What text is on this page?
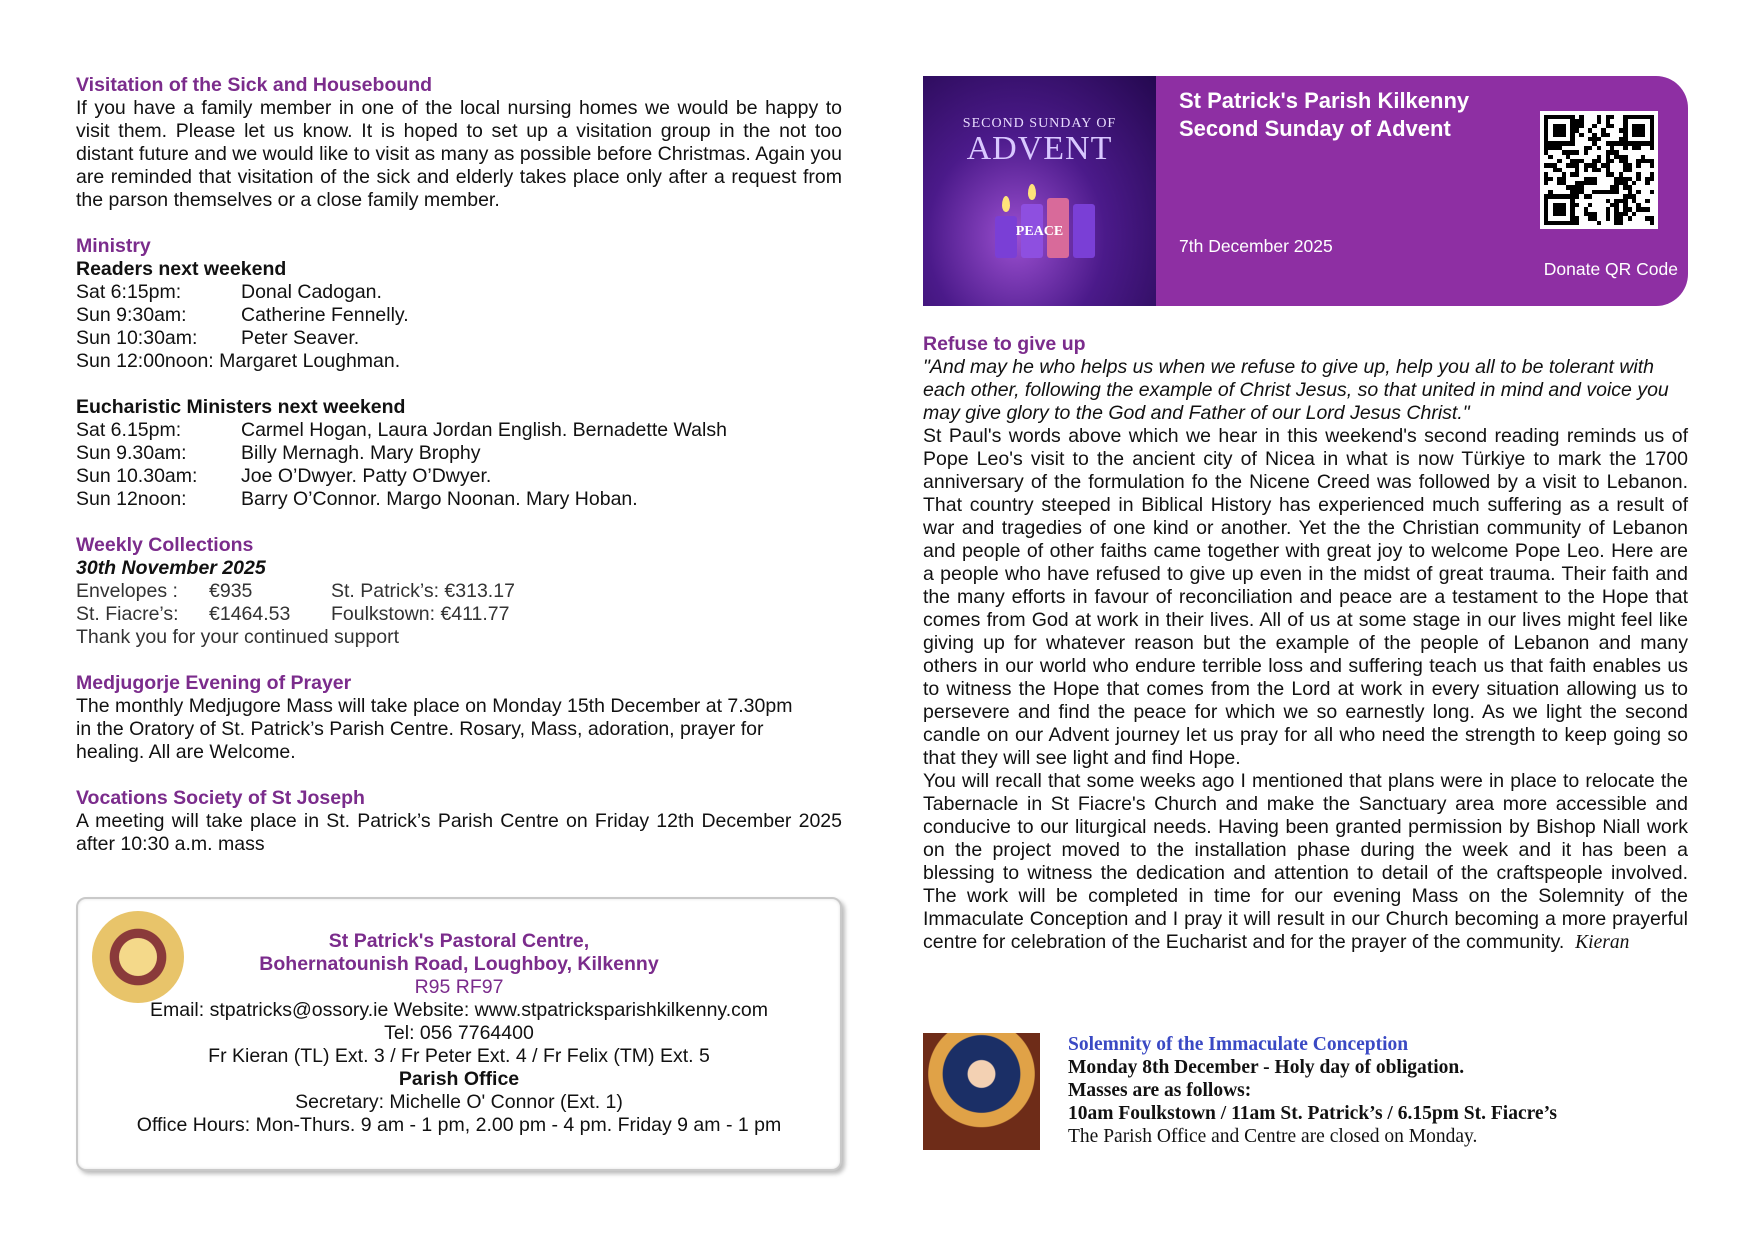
Visitation of the Sick and Housebound

If you have a family member in one of the local nursing homes we would be happy to visit them. Please let us know. It is hoped to set up a visitation group in the not too distant future and we would like to visit as many as possible before Christmas. Again you are reminded that visitation of the sick and elderly takes place only after a request from the parson themselves or a close family member.

Ministry

Readers next weekend

Sat 6:15pm:	Donal Cadogan.
Sun 9:30am:	Catherine Fennelly.
Sun 10:30am:	Peter Seaver.

Sun 12:00noon: Margaret Loughman.

Eucharistic Ministers next weekend

Sat 6.15pm:	Carmel Hogan, Laura Jordan English. Bernadette Walsh
Sun 9.30am:	Billy Mernagh. Mary Brophy
Sun 10.30am:	Joe O’Dwyer. Patty O’Dwyer.
Sun 12noon:	Barry O’Connor. Margo Noonan. Mary Hoban.

Weekly Collections

30th November 2025

Envelopes :	€935	St. Patrick’s: €313.17
St. Fiacre’s:	€1464.53	Foulkstown: €411.77

Thank you for your continued support

Medjugorje Evening of Prayer

The monthly Medjugore Mass will take place on Monday 15th December at 7.30pm in the Oratory of St. Patrick’s Parish Centre. Rosary, Mass, adoration, prayer for healing. All are Welcome.

Vocations Society of St Joseph

A meeting will take place in St. Patrick’s Parish Centre on Friday 12th December 2025 after 10:30 a.m. mass

St Patrick's Pastoral Centre,
Bohernatounish Road, Loughboy, Kilkenny
R95 RF97
Email: stpatricks@ossory.ie Website: www.stpatricksparishkilkenny.com
Tel: 056 7764400
Fr Kieran (TL) Ext. 3 / Fr Peter Ext. 4 / Fr Felix (TM) Ext. 5
Parish Office
Secretary: Michelle O' Connor (Ext. 1)
Office Hours: Mon-Thurs. 9 am - 1 pm, 2.00 pm - 4 pm. Friday 9 am - 1 pm
SECOND SUNDAY OF
ADVENT
PEACE
St Patrick's Parish Kilkenny
Second Sunday of Advent
7th December 2025
Donate QR Code

Refuse to give up

"And may he who helps us when we refuse to give up, help you all to be tolerant with each other, following the example of Christ Jesus, so that united in mind and voice you may give glory to the God and Father of our Lord Jesus Christ."

St Paul's words above which we hear in this weekend's second reading reminds us of Pope Leo's visit to the ancient city of Nicea in what is now Türkiye to mark the 1700 anniversary of the formulation fo the Nicene Creed was followed by a visit to Lebanon. That country steeped in Biblical History has experienced much suffering as a result of war and tragedies of one kind or another. Yet the the Christian community of Lebanon and people of other faiths came together with great joy to welcome Pope Leo. Here are a people who have refused to give up even in the midst of great trauma. Their faith and the many efforts in favour of reconciliation and peace are a testament to the Hope that comes from God at work in their lives. All of us at some stage in our lives might feel like giving up for whatever reason but the example of the people of Lebanon and many others in our world who endure terrible loss and suffering teach us that faith enables us to witness the Hope that comes from the Lord at work in every situation allowing us to persevere and find the peace for which we so earnestly long. As we light the second candle on our Advent journey let us pray for all who need the strength to keep going so that they will see light and find Hope.

You will recall that some weeks ago I mentioned that plans were in place to relocate the Tabernacle in St Fiacre's Church and make the Sanctuary area more accessible and conducive to our liturgical needs. Having been granted permission by Bishop Niall work on the project moved to the installation phase during the week and it has been a blessing to witness the dedication and attention to detail of the craftspeople involved. The work will be completed in time for our evening Mass on the Solemnity of the Immaculate Conception and I pray it will result in our Church becoming a more prayerful centre for celebration of the Eucharist and for the prayer of the community. Kieran

Solemnity of the Immaculate Conception
Monday 8th December - Holy day of obligation.
Masses are as follows:
10am Foulkstown / 11am St. Patrick’s / 6.15pm St. Fiacre’s
The Parish Office and Centre are closed on Monday.
